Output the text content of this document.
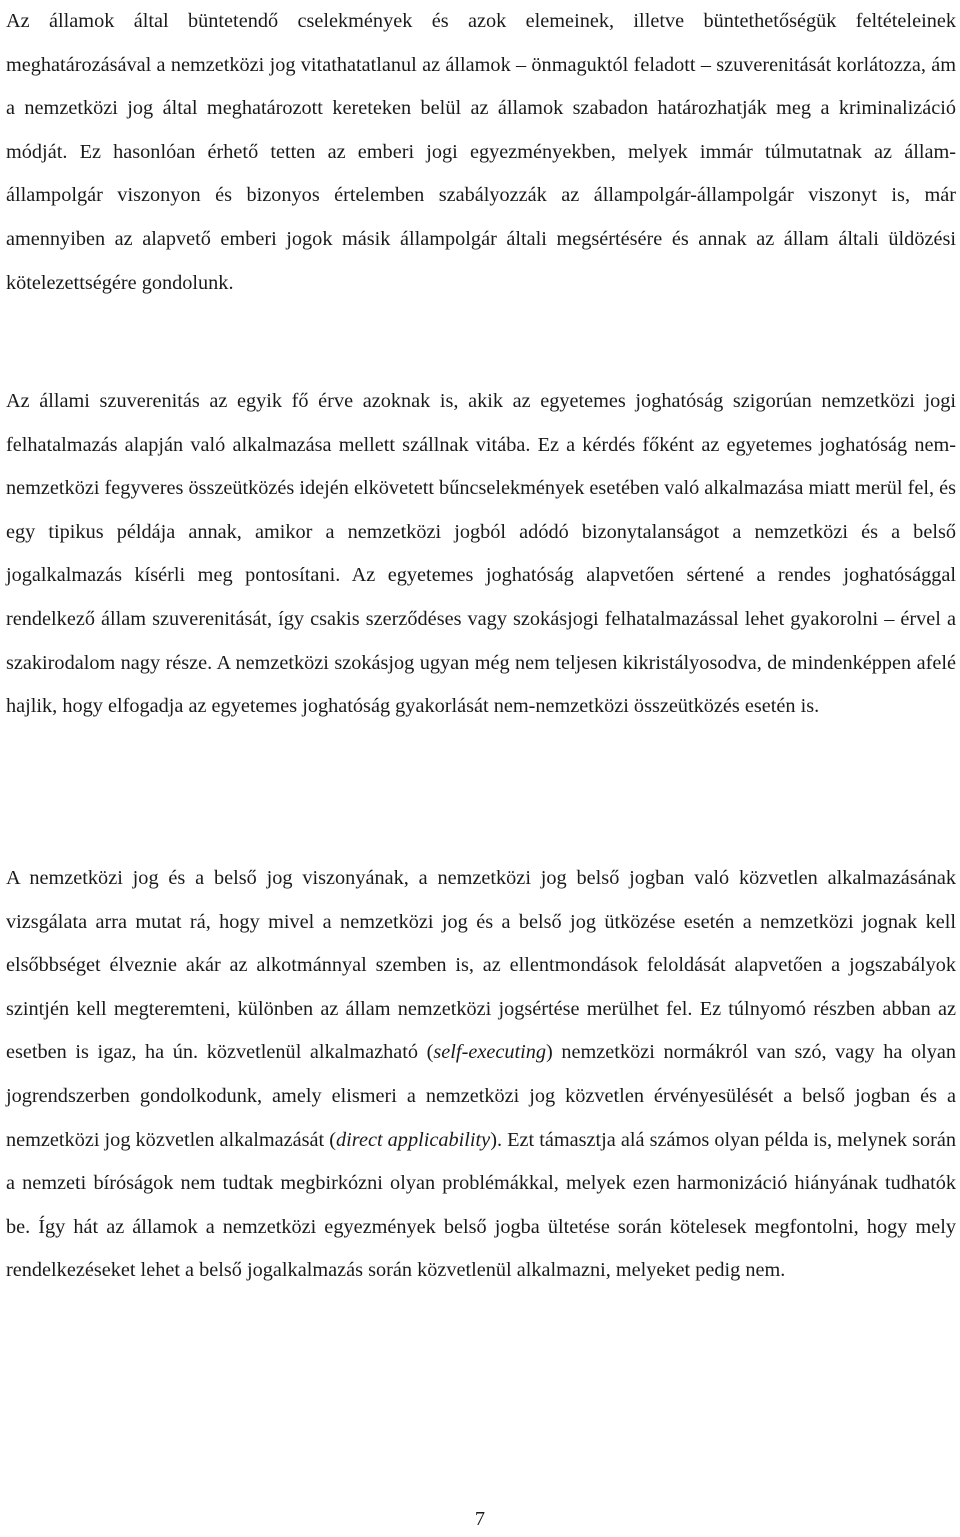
Az államok által büntetendő cselekmények és azok elemeinek, illetve büntethetőségük feltételeinek meghatározásával a nemzetközi jog vitathatatlanul az államok – önmaguktól feladott – szuverenitását korlátozza, ám a nemzetközi jog által meghatározott kereteken belül az államok szabadon határozhatják meg a kriminalizáció módját. Ez hasonlóan érhető tetten az emberi jogi egyezményekben, melyek immár túlmutatnak az állam-állampolgár viszonyon és bizonyos értelemben szabályozzák az állampolgár-állampolgár viszonyt is, már amennyiben az alapvető emberi jogok másik állampolgár általi megsértésére és annak az állam általi üldözési kötelezettségére gondolunk.

Az állami szuverenitás az egyik fő érve azoknak is, akik az egyetemes joghatóság szigorúan nemzetközi jogi felhatalmazás alapján való alkalmazása mellett szállnak vitába. Ez a kérdés főként az egyetemes joghatóság nem-nemzetközi fegyveres összeütközés idején elkövetett bűncselekmények esetében való alkalmazása miatt merül fel, és egy tipikus példája annak, amikor a nemzetközi jogból adódó bizonytalanságot a nemzetközi és a belső jogalkalmazás kísérli meg pontosítani. Az egyetemes joghatóság alapvetően sértené a rendes joghatósággal rendelkező állam szuverenitását, így csakis szerződéses vagy szokásjogi felhatalmazással lehet gyakorolni – érvel a szakirodalom nagy része. A nemzetközi szokásjog ugyan még nem teljesen kikristályosodva, de mindenképpen afelé hajlik, hogy elfogadja az egyetemes joghatóság gyakorlását nem-nemzetközi összeütközés esetén is.

A nemzetközi jog és a belső jog viszonyának, a nemzetközi jog belső jogban való közvetlen alkalmazásának vizsgálata arra mutat rá, hogy mivel a nemzetközi jog és a belső jog ütközése esetén a nemzetközi jognak kell elsőbbséget élveznie akár az alkotmánnyal szemben is, az ellentmondások feloldását alapvetően a jogszabályok szintjén kell megteremteni, különben az állam nemzetközi jogsértése merülhet fel. Ez túlnyomó részben abban az esetben is igaz, ha ún. közvetlenül alkalmazható (self-executing) nemzetközi normákról van szó, vagy ha olyan jogrendszerben gondolkodunk, amely elismeri a nemzetközi jog közvetlen érvényesülését a belső jogban és a nemzetközi jog közvetlen alkalmazását (direct applicability). Ezt támasztja alá számos olyan példa is, melynek során a nemzeti bíróságok nem tudtak megbirkózni olyan problémákkal, melyek ezen harmonizáció hiányának tudhatók be. Így hát az államok a nemzetközi egyezmények belső jogba ültetése során kötelesek megfontolni, hogy mely rendelkezéseket lehet a belső jogalkalmazás során közvetlenül alkalmazni, melyeket pedig nem.

7
